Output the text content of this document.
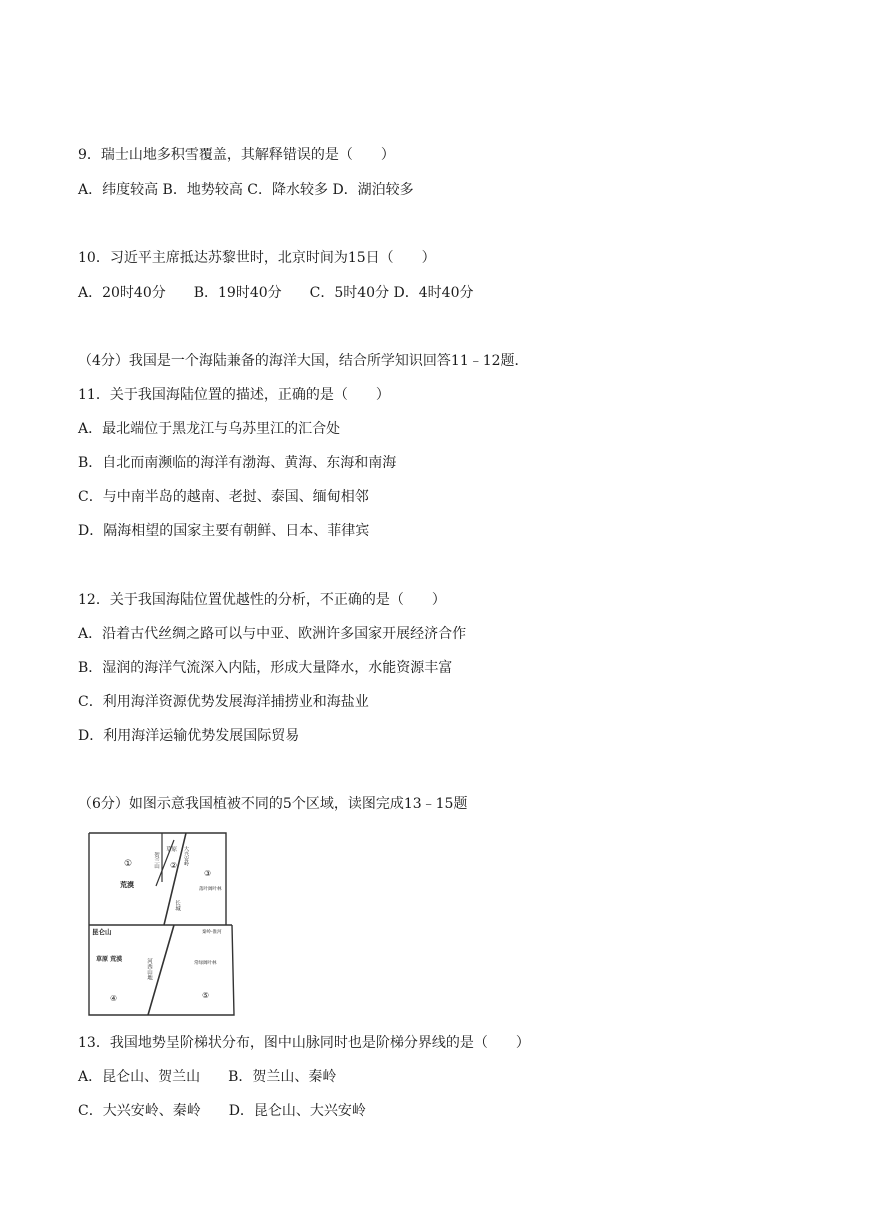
9．瑞士山地多积雪覆盖，其解释错误的是（　　）
A．纬度较高 B．地势较高 C．降水较多 D．湖泊较多
10．习近平主席抵达苏黎世时，北京时间为15日（　　）
A．20时40分　　B．19时40分　　C．5时40分 D．4时40分
（4分）我国是一个海陆兼备的海洋大国，结合所学知识回答11﹣12题．
11．关于我国海陆位置的描述，正确的是（　　）
A．最北端位于黑龙江与乌苏里江的汇合处
B．自北而南濒临的海洋有渤海、黄海、东海和南海
C．与中南半岛的越南、老挝、泰国、缅甸相邻
D．隔海相望的国家主要有朝鲜、日本、菲律宾
12．关于我国海陆位置优越性的分析，不正确的是（　　）
A．沿着古代丝绸之路可以与中亚、欧洲许多国家开展经济合作
B．湿润的海洋气流深入内陆，形成大量降水，水能资源丰富
C．利用海洋资源优势发展海洋捕捞业和海盐业
D．利用海洋运输优势发展国际贸易
（6分）如图示意我国植被不同的5个区域，读图完成13﹣15题
①
荒漠
贺兰山
草原
② 大兴安岭
③
落叶阔叶林
长城
昆仑山
草原 荒漠
④
河西山地
秦岭-淮河
常绿阔叶林
⑤
13．我国地势呈阶梯状分布，图中山脉同时也是阶梯分界线的是（　　）
A．昆仑山、贺兰山　　B．贺兰山、秦岭
C．大兴安岭、秦岭　　D．昆仑山、大兴安岭
